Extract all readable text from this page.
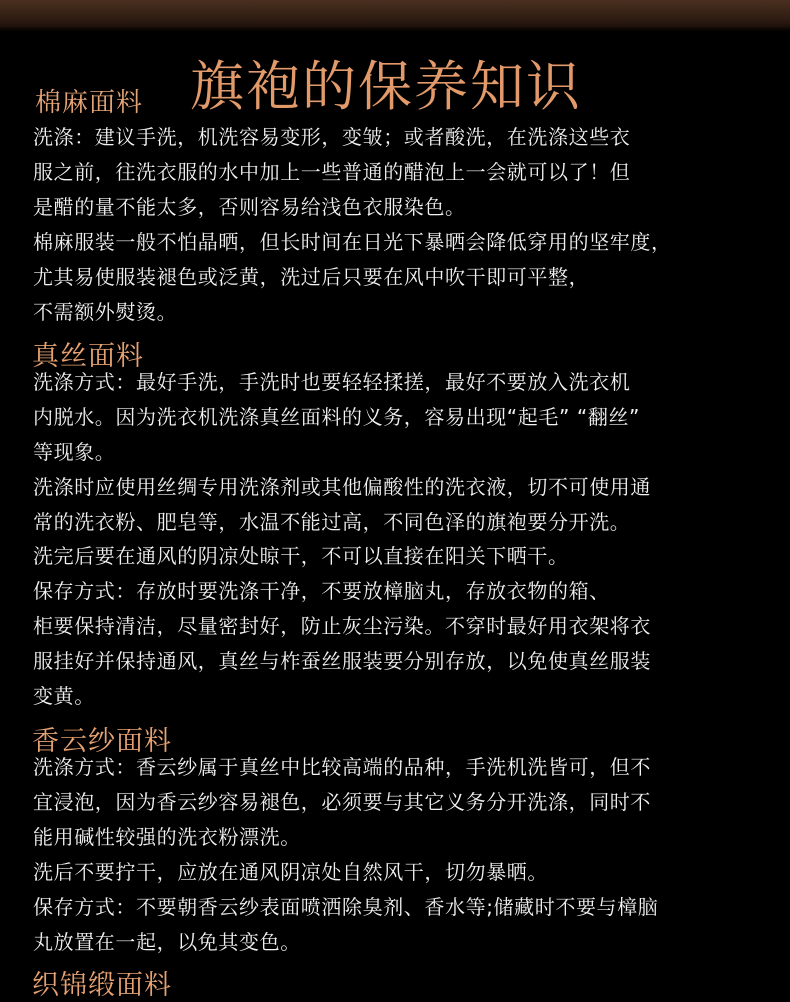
棉麻面料 旗袍的保养知识
洗涤：建议手洗，机洗容易变形，变皱；或者酸洗，在洗涤这些衣
服之前，往洗衣服的水中加上一些普通的醋泡上一会就可以了！但
是醋的量不能太多，否则容易给浅色衣服染色。
棉麻服装一般不怕晶晒，但长时间在日光下暴晒会降低穿用的坚牢度，
尤其易使服装褪色或泛黄，洗过后只要在风中吹干即可平整，
不需额外熨烫。
真丝面料
洗涤方式：最好手洗，手洗时也要轻轻揉搓，最好不要放入洗衣机
内脱水。因为洗衣机洗涤真丝面料的义务，容易出现“起毛” “翻丝”
等现象。
洗涤时应使用丝绸专用洗涤剂或其他偏酸性的洗衣液，切不可使用通
常的洗衣粉、肥皂等，水温不能过高，不同色泽的旗袍要分开洗。
洗完后要在通风的阴凉处晾干，不可以直接在阳关下晒干。
保存方式：存放时要洗涤干净，不要放樟脑丸，存放衣物的箱、
柜要保持清洁，尽量密封好，防止灰尘污染。不穿时最好用衣架将衣
服挂好并保持通风，真丝与柞蚕丝服装要分别存放，以免使真丝服装
变黄。
香云纱面料
洗涤方式：香云纱属于真丝中比较高端的品种，手洗机洗皆可，但不
宜浸泡，因为香云纱容易褪色，必须要与其它义务分开洗涤，同时不
能用碱性较强的洗衣粉漂洗。
洗后不要拧干，应放在通风阴凉处自然风干，切勿暴晒。
保存方式：不要朝香云纱表面喷洒除臭剂、香水等;储藏时不要与樟脑
丸放置在一起，以免其变色。
织锦缎面料
